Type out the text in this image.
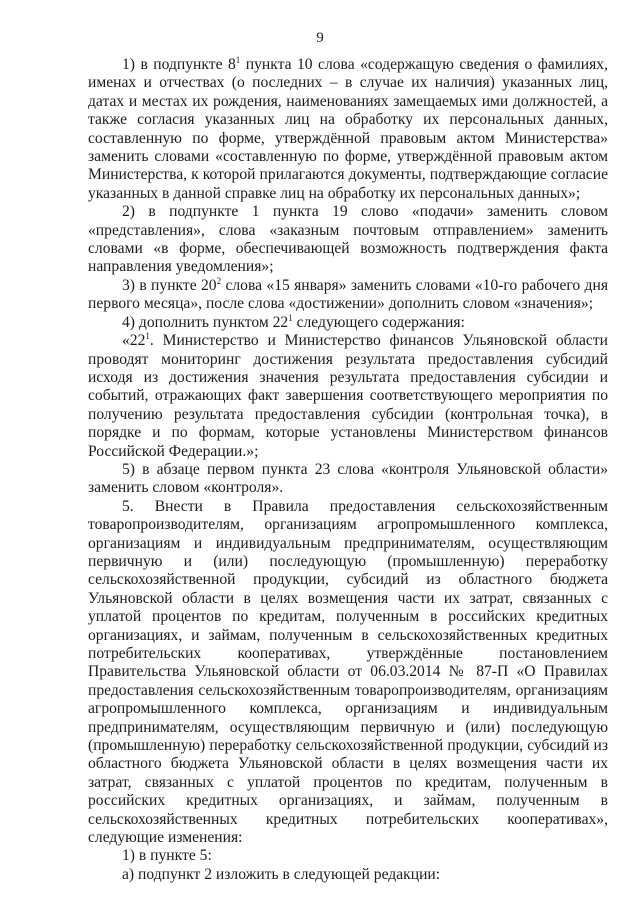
9

1) в подпункте $8^1$ пункта 10 слова «содержащую сведения о фамилиях, именах и отчествах (о последних – в случае их наличия) указанных лиц, датах и местах их рождения, наименованиях замещаемых ими должностей, а также согласия указанных лиц на обработку их персональных данных, составленную по форме, утверждённой правовым актом Министерства» заменить словами «составленную по форме, утверждённой правовым актом Министерства, к которой прилагаются документы, подтверждающие согласие указанных в данной справке лиц на обработку их персональных данных»;

2) в подпункте 1 пункта 19 слово «подачи» заменить словом «представления», слова «заказным почтовым отправлением» заменить словами «в форме, обеспечивающей возможность подтверждения факта направления уведомления»;

3) в пункте $20^2$ слова «15 января» заменить словами «10-го рабочего дня первого месяца», после слова «достижении» дополнить словом «значения»;

4) дополнить пунктом $22^1$ следующего содержания:

«$22^1$. Министерство и Министерство финансов Ульяновской области проводят мониторинг достижения результата предоставления субсидий исходя из достижения значения результата предоставления субсидии и событий, отражающих факт завершения соответствующего мероприятия по получению результата предоставления субсидии (контрольная точка), в порядке и по формам, которые установлены Министерством финансов Российской Федерации.»;

5) в абзаце первом пункта 23 слова «контроля Ульяновской области» заменить словом «контроля».

5. Внести в Правила предоставления сельскохозяйственным товаропроизводителям, организациям агропромышленного комплекса, организациям и индивидуальным предпринимателям, осуществляющим первичную и (или) последующую (промышленную) переработку сельскохозяйственной продукции, субсидий из областного бюджета Ульяновской области в целях возмещения части их затрат, связанных с уплатой процентов по кредитам, полученным в российских кредитных организациях, и займам, полученным в сельскохозяйственных кредитных потребительских кооперативах, утверждённые постановлением Правительства Ульяновской области от 06.03.2014 № 87-П «О Правилах предоставления сельскохозяйственным товаропроизводителям, организациям агропромышленного комплекса, организациям и индивидуальным предпринимателям, осуществляющим первичную и (или) последующую (промышленную) переработку сельскохозяйственной продукции, субсидий из областного бюджета Ульяновской области в целях возмещения части их затрат, связанных с уплатой процентов по кредитам, полученным в российских кредитных организациях, и займам, полученным в сельскохозяйственных кредитных потребительских кооперативах», следующие изменения:

1) в пункте 5:

а) подпункт 2 изложить в следующей редакции:
